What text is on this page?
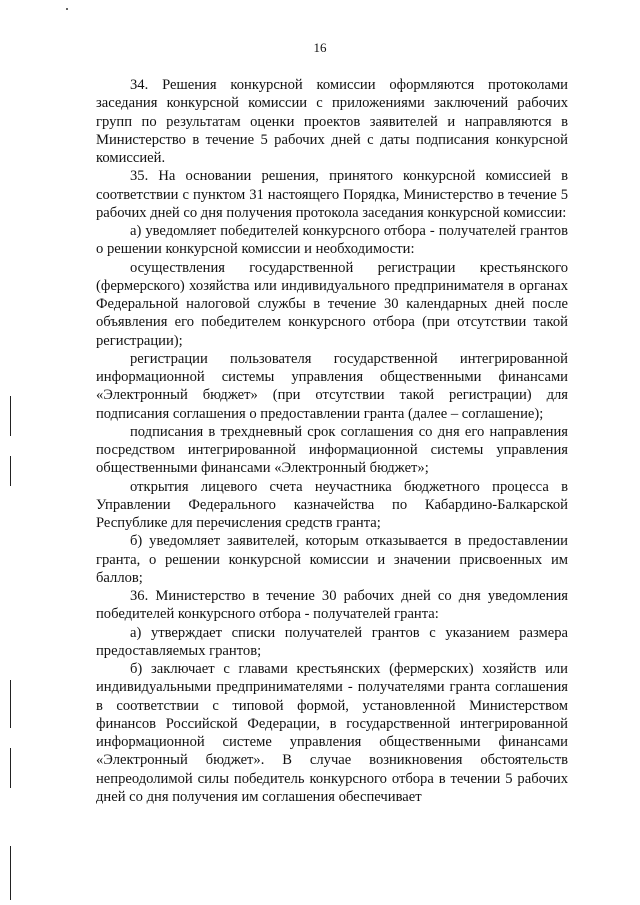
16

34. Решения конкурсной комиссии оформляются протоколами заседания конкурсной комиссии с приложениями заключений рабочих групп по результатам оценки проектов заявителей и направляются в Министерство в течение 5 рабочих дней с даты подписания конкурсной комиссией.

35. На основании решения, принятого конкурсной комиссией в соответствии с пунктом 31 настоящего Порядка, Министерство в течение 5 рабочих дней со дня получения протокола заседания конкурсной комиссии:

а) уведомляет победителей конкурсного отбора - получателей грантов о решении конкурсной комиссии и необходимости:

осуществления государственной регистрации крестьянского (фермерского) хозяйства или индивидуального предпринимателя в органах Федеральной налоговой службы в течение 30 календарных дней после объявления его победителем конкурсного отбора (при отсутствии такой регистрации);

регистрации пользователя государственной интегрированной информационной системы управления общественными финансами «Электронный бюджет» (при отсутствии такой регистрации) для подписания соглашения о предоставлении гранта (далее – соглашение);

подписания в трехдневный срок соглашения со дня его направления посредством интегрированной информационной системы управления общественными финансами «Электронный бюджет»;

открытия лицевого счета неучастника бюджетного процесса в Управлении Федерального казначейства по Кабардино-Балкарской Республике для перечисления средств гранта;

б) уведомляет заявителей, которым отказывается в предоставлении гранта, о решении конкурсной комиссии и значении присвоенных им баллов;

36. Министерство в течение 30 рабочих дней со дня уведомления победителей конкурсного отбора - получателей гранта:

а) утверждает списки получателей грантов с указанием размера предоставляемых грантов;

б) заключает с главами крестьянских (фермерских) хозяйств или индивидуальными предпринимателями - получателями гранта соглашения в соответствии с типовой формой, установленной Министерством финансов Российской Федерации, в государственной интегрированной информационной системе управления общественными финансами «Электронный бюджет». В случае возникновения обстоятельств непреодолимой силы победитель конкурсного отбора в течении 5 рабочих дней со дня получения им соглашения обеспечивает
